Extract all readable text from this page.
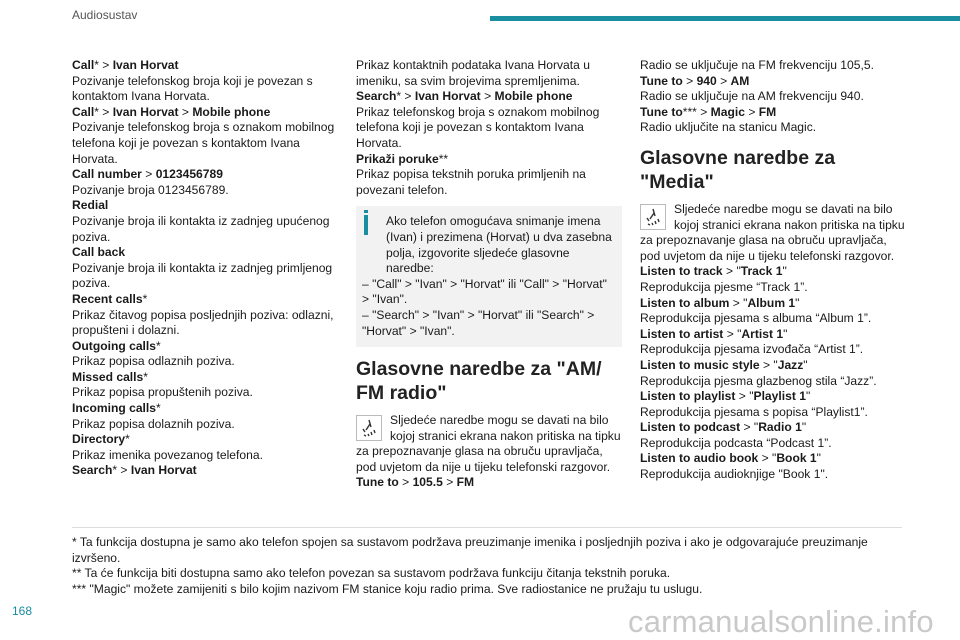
Audiosustav

Call* > Ivan Horvat

Pozivanje telefonskog broja koji je povezan s kontaktom Ivana Horvata.

Call* > Ivan Horvat > Mobile phone

Pozivanje telefonskog broja s oznakom mobilnog telefona koji je povezan s kontaktom Ivana Horvata.

Call number > 0123456789

Pozivanje broja 0123456789.

Redial

Pozivanje broja ili kontakta iz zadnjeg upućenog poziva.

Call back

Pozivanje broja ili kontakta iz zadnjeg primljenog poziva.

Recent calls*

Prikaz čitavog popisa posljednjih poziva: odlazni, propušteni i dolazni.

Outgoing calls*

Prikaz popisa odlaznih poziva.

Missed calls*

Prikaz popisa propuštenih poziva.

Incoming calls*

Prikaz popisa dolaznih poziva.

Directory*

Prikaz imenika povezanog telefona.

Search* > Ivan Horvat

Prikaz kontaktnih podataka Ivana Horvata u imeniku, sa svim brojevima spremljenima.

Search* > Ivan Horvat > Mobile phone

Prikaz telefonskog broja s oznakom mobilnog telefona koji je povezan s kontaktom Ivana Horvata.

Prikaži poruke**

Prikaz popisa tekstnih poruka primljenih na povezani telefon.

Ako telefon omogućava snimanje imena (Ivan) i prezimena (Horvat) u dva zasebna polja, izgovorite sljedeće glasovne naredbe:

– "Call" > "Ivan" > "Horvat" ili "Call" > "Horvat" > "Ivan".

– "Search" > "Ivan" > "Horvat" ili "Search" > "Horvat" > "Ivan".

Glasovne naredbe za "AM/ FM radio"

Sljedeće naredbe mogu se davati na bilo kojoj stranici ekrana nakon pritiska na tipku za prepoznavanje glasa na obruču upravljača, pod uvjetom da nije u tijeku telefonski razgovor.

Tune to > 105.5 > FM

Radio se uključuje na FM frekvenciju 105,5.

Tune to > 940 > AM

Radio se uključuje na AM frekvenciju 940.

Tune to*** > Magic > FM

Radio uključite na stanicu Magic.

Glasovne naredbe za "Media"

Sljedeće naredbe mogu se davati na bilo kojoj stranici ekrana nakon pritiska na tipku za prepoznavanje glasa na obruču upravljača, pod uvjetom da nije u tijeku telefonski razgovor.

Listen to track > "Track 1"

Reprodukcija pjesme “Track 1”.

Listen to album > "Album 1"

Reprodukcija pjesama s albuma “Album 1”.

Listen to artist > "Artist 1"

Reprodukcija pjesama izvođača “Artist 1”.

Listen to music style > "Jazz"

Reprodukcija pjesma glazbenog stila “Jazz”.

Listen to playlist > "Playlist 1"

Reprodukcija pjesama s popisa “Playlist1”.

Listen to podcast > "Radio 1"

Reprodukcija podcasta “Podcast 1”.

Listen to audio book > "Book 1"

Reprodukcija audioknjige "Book 1".

* Ta funkcija dostupna je samo ako telefon spojen sa sustavom podržava preuzimanje imenika i posljednjih poziva i ako je odgovarajuće preuzimanje izvršeno.

** Ta će funkcija biti dostupna samo ako telefon povezan sa sustavom podržava funkciju čitanja tekstnih poruka.

*** "Magic" možete zamijeniti s bilo kojim nazivom FM stanice koju radio prima. Sve radiostanice ne pružaju tu uslugu.

168	carmanualsonline.info
